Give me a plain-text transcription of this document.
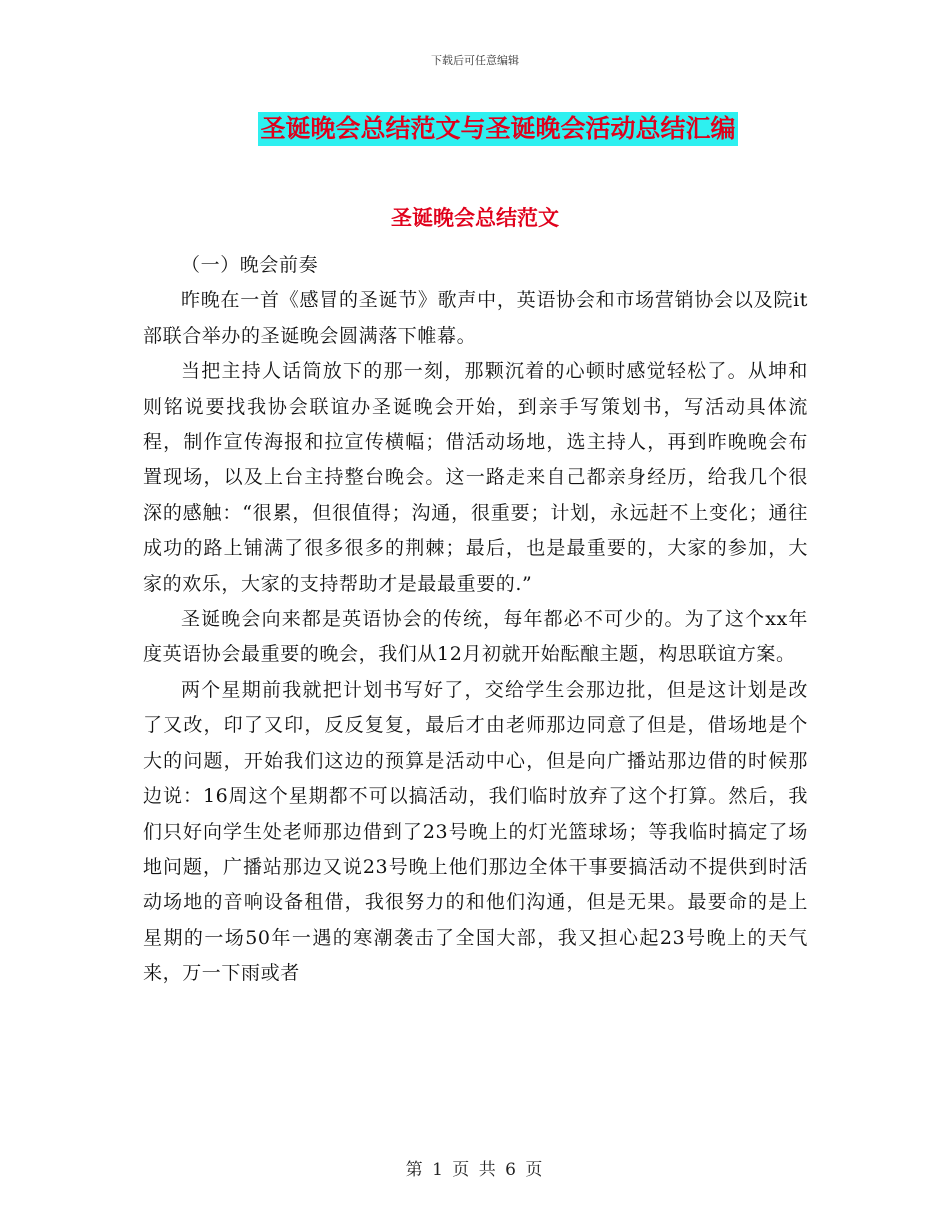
下载后可任意编辑
圣诞晚会总结范文与圣诞晚会活动总结汇编
圣诞晚会总结范文

（一）晚会前奏

昨晚在一首《感冒的圣诞节》歌声中，英语协会和市场营销协会以及院it部联合举办的圣诞晚会圆满落下帷幕。

当把主持人话筒放下的那一刻，那颗沉着的心顿时感觉轻松了。从坤和则铭说要找我协会联谊办圣诞晚会开始，到亲手写策划书，写活动具体流程，制作宣传海报和拉宣传横幅；借活动场地，选主持人，再到昨晚晚会布置现场，以及上台主持整台晚会。这一路走来自己都亲身经历，给我几个很深的感触：“很累，但很值得；沟通，很重要；计划，永远赶不上变化；通往成功的路上铺满了很多很多的荆棘；最后，也是最重要的，大家的参加，大家的欢乐，大家的支持帮助才是最最重要的.”

圣诞晚会向来都是英语协会的传统，每年都必不可少的。为了这个xx年度英语协会最重要的晚会，我们从12月初就开始酝酿主题，构思联谊方案。

两个星期前我就把计划书写好了，交给学生会那边批，但是这计划是改了又改，印了又印，反反复复，最后才由老师那边同意了但是，借场地是个大的问题，开始我们这边的预算是活动中心，但是向广播站那边借的时候那边说：16周这个星期都不可以搞活动，我们临时放弃了这个打算。然后，我们只好向学生处老师那边借到了23号晚上的灯光篮球场；等我临时搞定了场地问题，广播站那边又说23号晚上他们那边全体干事要搞活动不提供到时活动场地的音响设备租借，我很努力的和他们沟通，但是无果。最要命的是上星期的一场50年一遇的寒潮袭击了全国大部，我又担心起23号晚上的天气来，万一下雨或者

第 1 页 共 6 页
